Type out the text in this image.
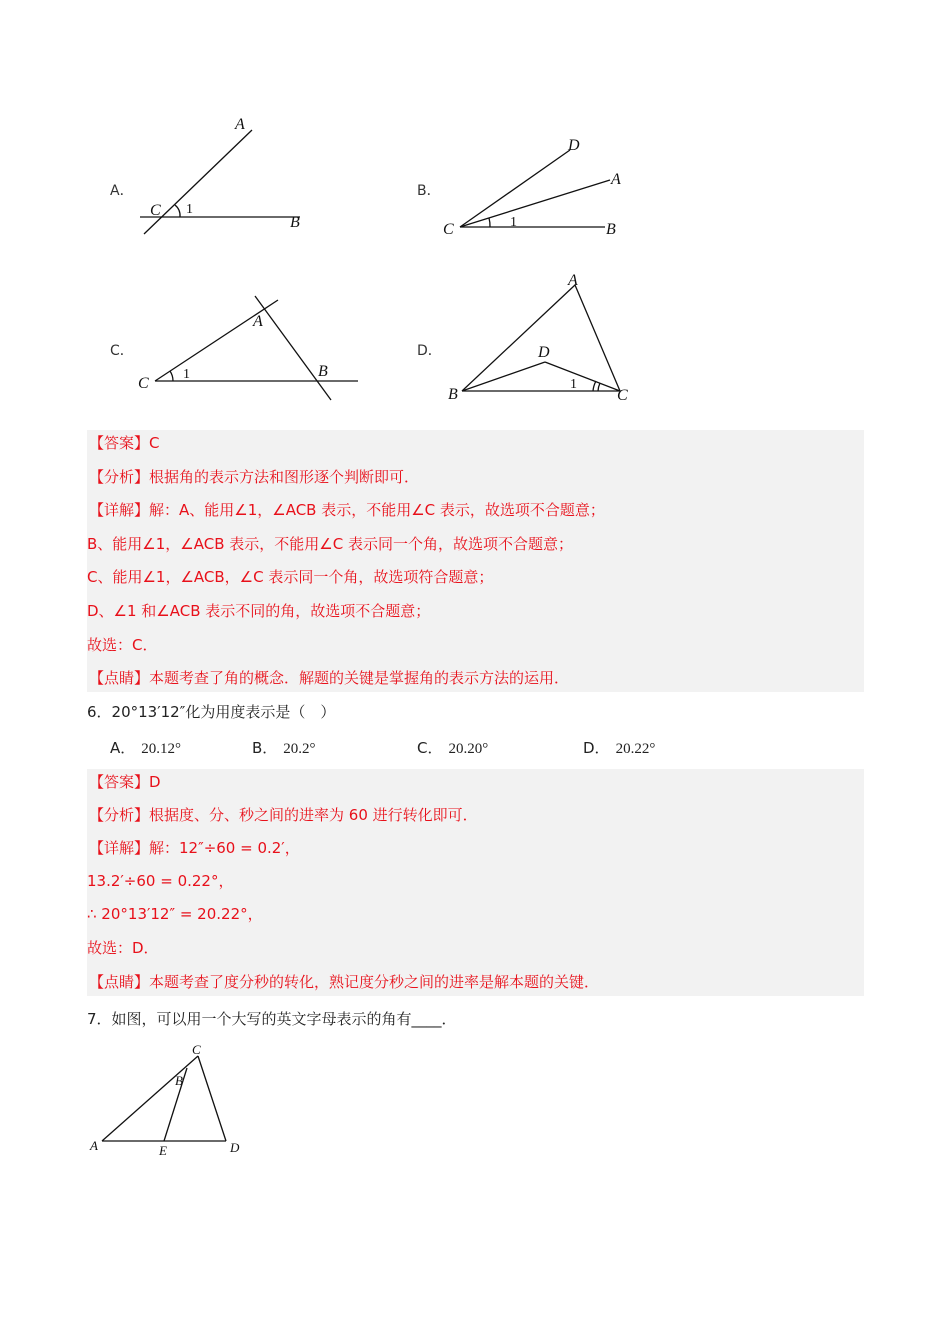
A．
A
C
B
1
B．
D
A
C	B
1
C．
A
C
B
1
D．
A
D
B	C
1
【答案】C
【分析】根据角的表示方法和图形逐个判断即可．
【详解】解：A、能用∠1，∠ACB 表示，不能用∠C 表示，故选项不合题意；
B、能用∠1，∠ACB 表示，不能用∠C 表示同一个角，故选项不合题意；
C、能用∠1，∠ACB，∠C 表示同一个角，故选项符合题意；
D、∠1 和∠ACB 表示不同的角，故选项不合题意；
故选：C．
【点睛】本题考查了角的概念．解题的关键是掌握角的表示方法的运用．
6．20°13′12″化为用度表示是（　）
A． 20.12°	B． 20.2°	C． 20.20°	D． 20.22°
【答案】D
【分析】根据度、分、秒之间的进率为 60 进行转化即可．
【详解】解：12″÷60 = 0.2′，
13.2′÷60 = 0.22°，
∴ 20°13′12″ = 20.22°，
故选：D．
【点睛】本题考查了度分秒的转化，熟记度分秒之间的进率是解本题的关键．
7．如图，可以用一个大写的英文字母表示的角有____．
C
B
A	E	D
